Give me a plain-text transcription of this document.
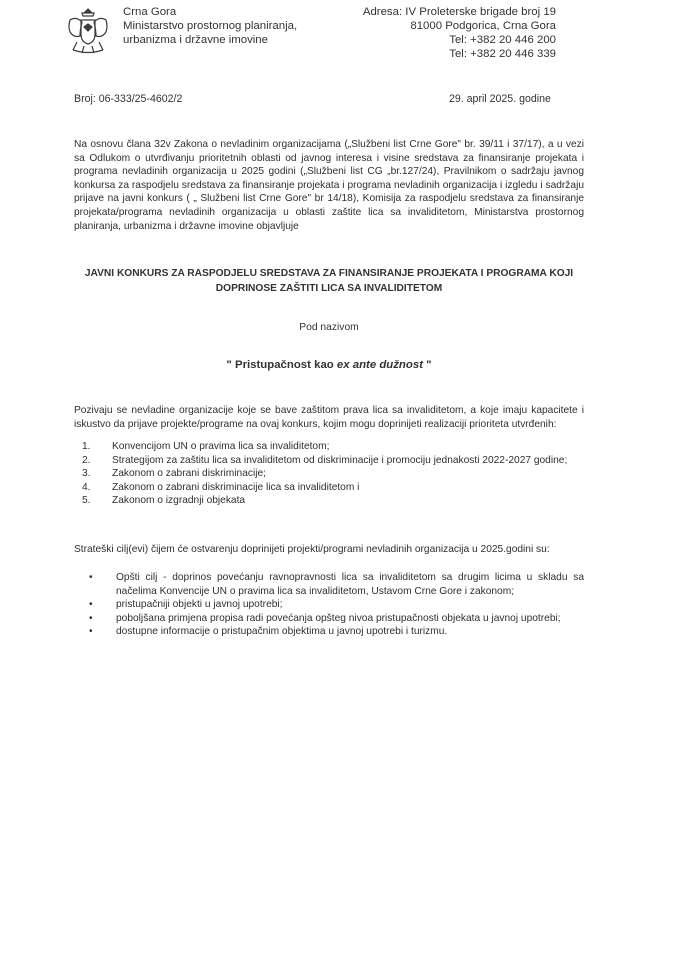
Crna Gora
Ministarstvo prostornog planiranja,
urbanizma i državne imovine
Adresa: IV Proleterske brigade broj 19
81000 Podgorica, Crna Gora
Tel: +382 20 446 200
Tel: +382 20 446 339
Broj: 06-333/25-4602/2	29. april 2025. godine
Na osnovu člana 32v Zakona o nevladinim organizacijama („Službeni list Crne Gore" br. 39/11 i 37/17), a u vezi sa Odlukom o utvrđivanju prioritetnih oblasti od javnog interesa i visine sredstava za finansiranje projekata i programa nevladinih organizacija u 2025 godini („Službeni list CG „br.127/24), Pravilnikom o sadržaju javnog konkursa za raspodjelu sredstava za finansiranje projekata i programa nevladinih organizacija i izgledu i sadržaju prijave na javni konkurs ( „ Službeni list Crne Gore" br 14/18), Komisija za raspodjelu sredstava za finansiranje projekata/programa nevladinih organizacija u oblasti zaštite lica sa invaliditetom, Ministarstva prostornog planiranja, urbanizma i državne imovine objavljuje
JAVNI KONKURS ZA RASPODJELU SREDSTAVA ZA FINANSIRANJE PROJEKATA I PROGRAMA KOJI
DOPRINOSE ZAŠTITI LICA SA INVALIDITETOM
Pod nazivom
" Pristupačnost kao ex ante dužnost "
Pozivaju se nevladine organizacije koje se bave zaštitom prava lica sa invaliditetom, a koje imaju kapacitete i iskustvo da prijave projekte/programe na ovaj konkurs, kojim mogu doprinijeti realizaciji prioriteta utvrđenih:
1. Konvencijom UN o pravima lica sa invaliditetom;
2. Strategijom za zaštitu lica sa invaliditetom od diskriminacije i promociju jednakosti 2022-2027 godine;
3. Zakonom o zabrani diskriminacije;
4. Zakonom o zabrani diskriminacije lica sa invaliditetom i
5. Zakonom o izgradnji objekata
Strateški cilj(evi) čijem će ostvarenju doprinijeti projekti/programi nevladinih organizacija u 2025.godini su:
• Opšti cilj - doprinos povećanju ravnopravnosti lica sa invaliditetom sa drugim licima u skladu sa načelima Konvencije UN o pravima lica sa invaliditetom, Ustavom Crne Gore i zakonom;
• pristupačniji objekti u javnoj upotrebi;
• poboljšana primjena propisa radi povećanja opšteg nivoa pristupačnosti objekata u javnoj upotrebi;
• dostupne informacije o pristupačnim objektima u javnoj upotrebi i turizmu.
